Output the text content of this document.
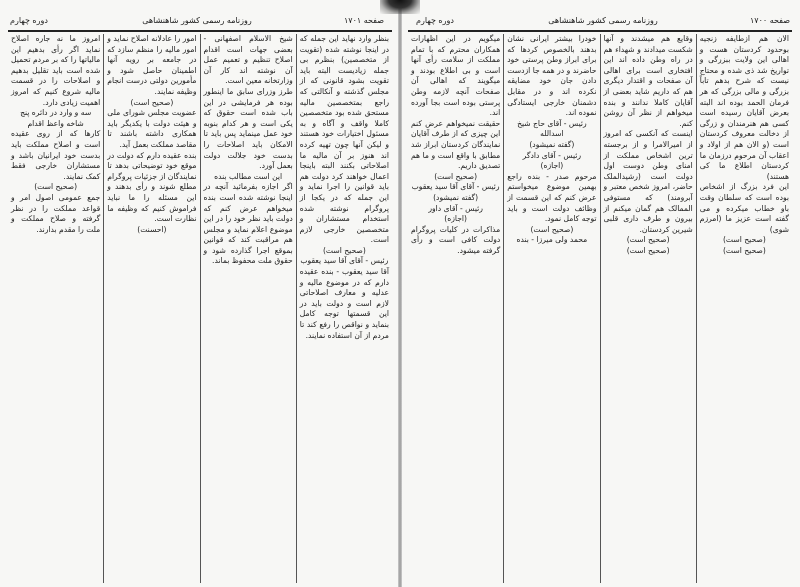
صفحه ۱۷۰۰
روزنامه رسمی کشور شاهنشاهی
دوره چهارم

الان هم ازطایفه زنجیه بوحدود کردستان هست و اهالی این ولایت ببزرگی و تواریخ شد ذی شده و محتاج نیست که شرح بدهم تاباً بزرگی و مالی بزرگی که هر فرمان الحمد بوده اند البته بعرض آقایان رسیده است کسی هم هنرمندان و زرگی از دخالت معروف کردستان است (و الان هم از اولاد و اعقاب آن مرحوم درزمان ما کردستان اطلاع ما کی هستند)

این فرد بزرگ از اشخاص بوده است که سلطان وقت باو خطاب میکرده و می گفته است عزیز ما (امرزم شوی)

(صحیح است)

(صحیح است)

وقایع هم میشدند و آنها شکست میدادند و شهداء هم در راه وطن داده اند این افتخاری است برای اهالی آن صفحات و اقتدار دیگری هم که داریم شاید بعضی از آقایان کاملا ندانند و بنده میخواهم از نظر آن روشن کنم.

اینست که آنکسی که امروز از امیرالامرا و از برجسته ترین اشخاص مملکت از امنای وطن دوست اول دولت است (رشیدالملک حاضر، امروز شخص معتبر و آبرومند) که مستوفی الممالک هم گمان میکنم از بیرون و طرف داری قلبی شیرین کردستان.

(صحیح است)

(صحیح است)

خودرا بیشتر ایرانی نشان بدهند بالخصوص کردها که برای ابراز وطن پرستی خود حاضرند و در همه جا ازدست دادن جان خود مضایقه نکرده اند و در مقابل دشمنان خارجی ایستادگی نموده اند.

رئیس - آقای حاج شیخ اسدالله

(گفته نمیشود)

رئیس - آقای دادگر

(اجازه)

مرحوم صدر - بنده راجع بهمین موضوع میخواستم عرض کنم که این قسمت از وظائف دولت است و باید توجه کامل نمود.

(صحیح است)

محمد ولی میرزا - بنده

میگویم در این اظهارات همکاران محترم که با تمام مملکت از سلامت رأی آنها است و بی اطلاع بودند و میگویند که اهالی آن صفحات آنچه لازمه وطن پرستی بوده است بجا آورده اند.

حقیقت نمیخواهم عرض کنم این چیزی که از طرف آقایان نمایندگان کردستان ابراز شد مطابق با واقع است و ما هم تصدیق داریم.

(صحیح است)

رئیس - آقای آقا سید یعقوب

(گفته نمیشود)

رئیس - آقای داور

(اجازه)

مذاکرات در کلیات پروگرام دولت کافی است و رأی گرفته میشود.

صفحه ۱۷۰۱
روزنامه رسمی کشور شاهنشاهی
دوره چهارم

بنظر وارد نهاید این جمله که در اینجا نوشته شده (تقویت از متخصصین) بنظرم بی جمله زیادیست البته باید تقویت بشود قانونی که از مجلس گذشته و آنکالتی که راجع بمتخصصین مالیه مستحق شده بود متخصصین کاملا واقف و آگاه و به مسئول اختیارات خود هستند و لیکن آنها چون تهیه کرده اند هنوز بر آن مالیه ما اصلاحاتی بکنند البته باینجا اعمال خواهند کرد دولت هم باید قوانین را اجرا نماید و این جمله که در یکجا از پروگرام نوشته شده استخدام مستشاران و متخصصین خارجی لازم است.

(صحیح است)

رئیس - آقای آقا سید یعقوب

آقا سید یعقوب - بنده عقیده دارم که در موضوع مالیه و عدلیه و معارف اصلاحاتی لازم است و دولت باید در این قسمتها توجه کامل بنماید و نواقص را رفع کند تا مردم از آن استفاده نمایند.

شیخ الاسلام اصفهانی - بعضی جهات است اقدام اصلاح تنظیم و تعمیم عمل آن نوشته اند کار آن وزارتخانه معین است.

طرز وزرای سابق ما اینطور بوده هر فرمایشی در این باب شده است حقوق که یکی است و هر کدام بنوبه خود عمل مینماید پس باید تا الامکان باید اصلاحات را بدست خود جلالت دولت بعمل آورد.

این است مطالب بنده

اگر اجازه بفرمائید آنچه در اینجا نوشته شده است بنده میخواهم عرض کنم که دولت باید نظر خود را در این موضوع اعلام نماید و مجلس هم مراقبت کند که قوانین بموقع اجرا گذارده شود و حقوق ملت محفوظ بماند.

امور را عادلانه اصلاح نماید و امور مالیه را منظم سازد که در جامعه بر رویه آنها اطمینان حاصل شود و مأمورین دولتی درست انجام وظیفه نمایند.

(صحیح است)

عضویت مجلس شورای ملی و هیئت دولت با یکدیگر باید همکاری داشته باشند تا مقاصد مملکت بعمل آید.

بنده عقیده دارم که دولت در موقع خود توضیحاتی بدهد تا نمایندگان از جزئیات پروگرام مطلع شوند و رأی بدهند و این مسئله را ما نباید فراموش کنیم که وظیفه ما نظارت است.

(احسنت)

امروز ما نه جاره اصلاح نماید اگر رأی بدهیم این مالیاتها را که بر مردم تحمیل شده است باید تقلیل بدهیم و اصلاحات را در قسمت مالیه شروع کنیم که امروز اهمیت زیادی دارد.

سه و وارد در دائره پنج شاخه واعظ اقدام

کارها که از روی عقیده است و اصلاح مملکت باید بدست خود ایرانیان باشد و مستشاران خارجی فقط کمک نمایند.

(صحیح است)

جمع عمومی اصول امر و قواعد مملکت را در نظر گرفته و صلاح مملکت و ملت را مقدم بدارند.
